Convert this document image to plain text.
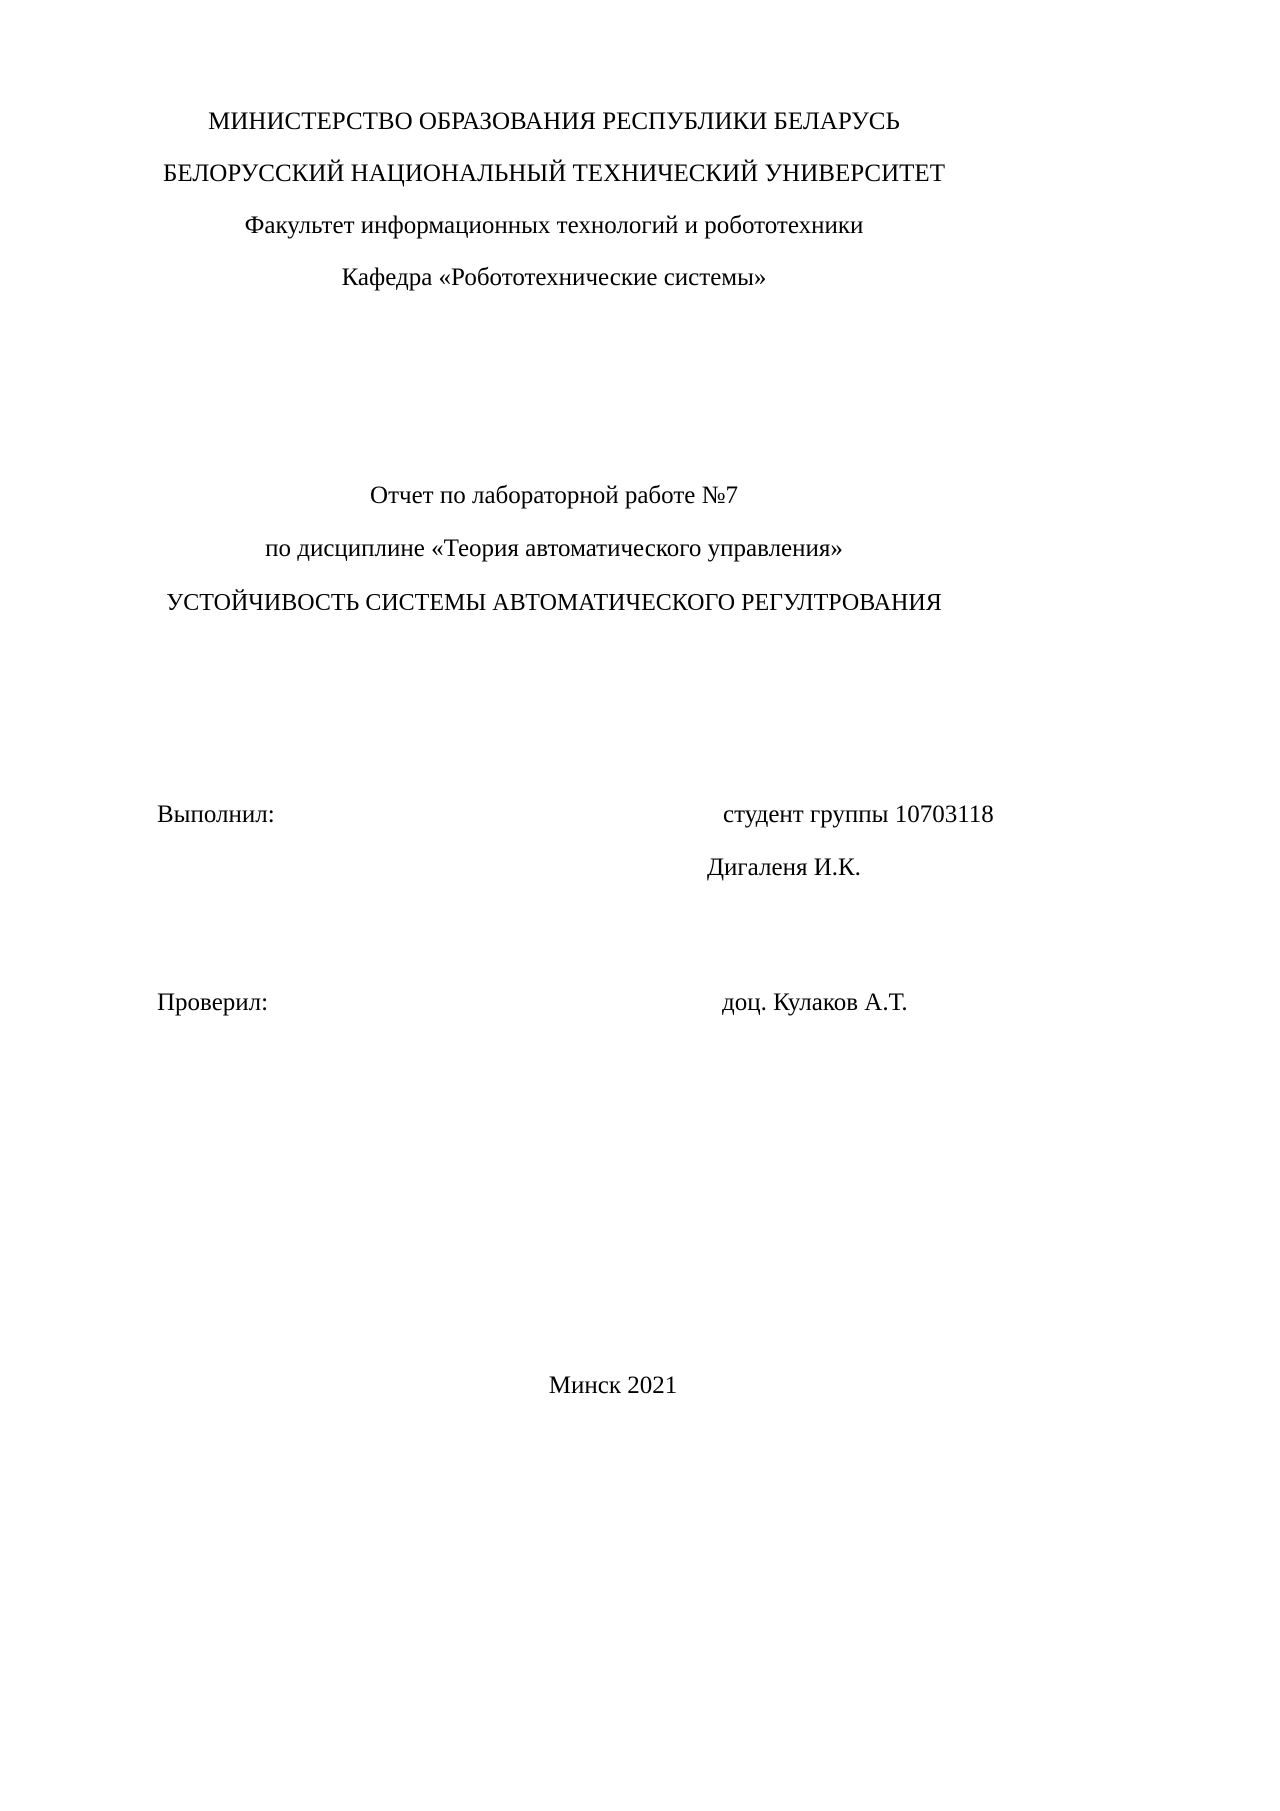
МИНИСТЕРСТВО ОБРАЗОВАНИЯ РЕСПУБЛИКИ БЕЛАРУСЬ
БЕЛОРУССКИЙ НАЦИОНАЛЬНЫЙ ТЕХНИЧЕСКИЙ УНИВЕРСИТЕТ
Факультет информационных технологий и робототехники
Кафедра «Робототехнические системы»
Отчет по лабораторной работе №7
по дисциплине «Теория автоматического управления»
УСТОЙЧИВОСТЬ СИСТЕМЫ АВТОМАТИЧЕСКОГО РЕГУЛТРОВАНИЯ
Выполнил:	студент группы 10703118
Дигаленя И.К.
Проверил:	доц. Кулаков А.Т.
Минск 2021
